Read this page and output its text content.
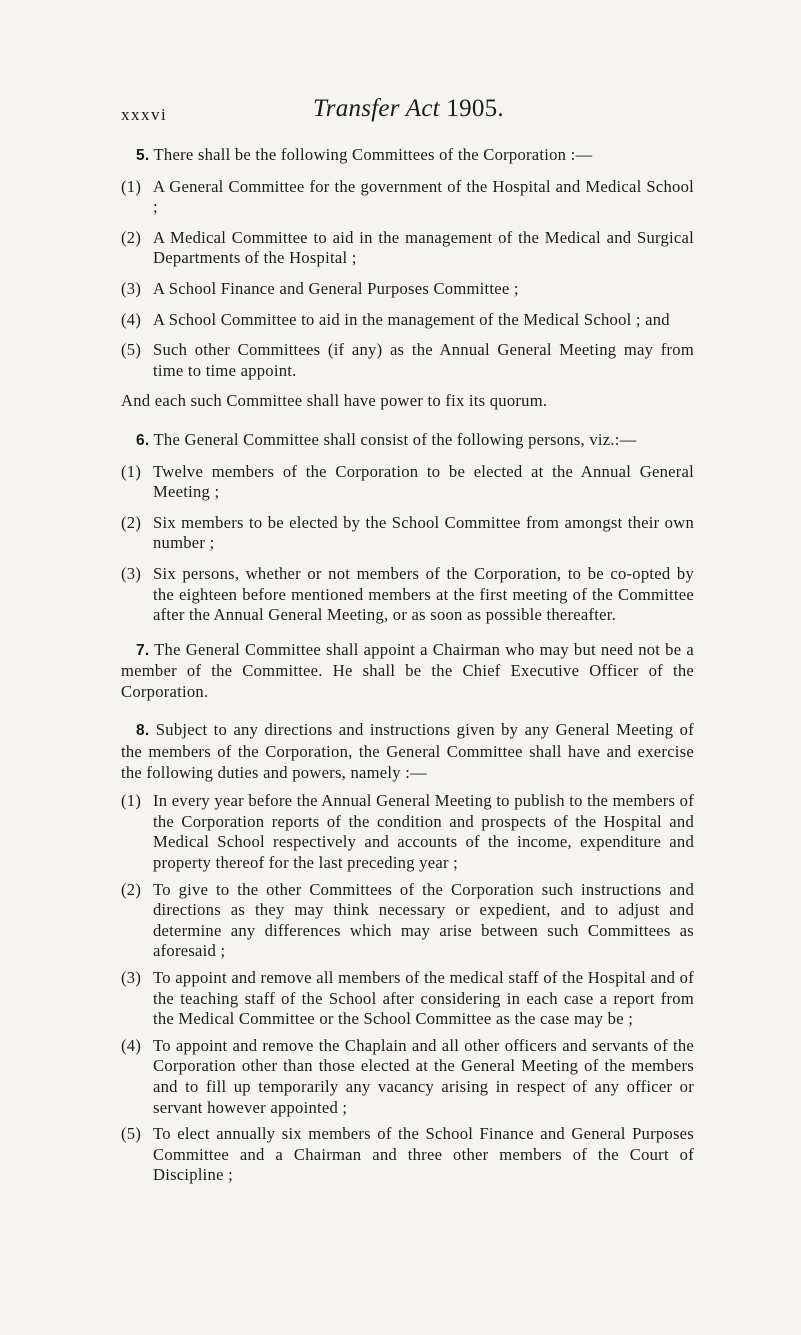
xxxvi	Transfer Act 1905.

5. There shall be the following Committees of the Corporation :—

(1) A General Committee for the government of the Hospital and Medical School ;

(2) A Medical Committee to aid in the management of the Medical and Surgical Departments of the Hospital ;

(3) A School Finance and General Purposes Committee ;

(4) A School Committee to aid in the management of the Medical School ; and

(5) Such other Committees (if any) as the Annual General Meeting may from time to time appoint.

And each such Committee shall have power to fix its quorum.

6. The General Committee shall consist of the following persons, viz.:—

(1) Twelve members of the Corporation to be elected at the Annual General Meeting ;

(2) Six members to be elected by the School Committee from amongst their own number ;

(3) Six persons, whether or not members of the Corporation, to be co-opted by the eighteen before mentioned members at the first meeting of the Committee after the Annual General Meeting, or as soon as possible thereafter.

7. The General Committee shall appoint a Chairman who may but need not be a member of the Committee. He shall be the Chief Executive Officer of the Corporation.

8. Subject to any directions and instructions given by any General Meeting of the members of the Corporation, the General Committee shall have and exercise the following duties and powers, namely :—

(1) In every year before the Annual General Meeting to publish to the members of the Corporation reports of the condition and prospects of the Hospital and Medical School respectively and accounts of the income, expenditure and property thereof for the last preceding year ;

(2) To give to the other Committees of the Corporation such instructions and directions as they may think necessary or expedient, and to adjust and determine any differences which may arise between such Committees as aforesaid ;

(3) To appoint and remove all members of the medical staff of the Hospital and of the teaching staff of the School after considering in each case a report from the Medical Committee or the School Committee as the case may be ;

(4) To appoint and remove the Chaplain and all other officers and servants of the Corporation other than those elected at the General Meeting of the members and to fill up temporarily any vacancy arising in respect of any officer or servant however appointed ;

(5) To elect annually six members of the School Finance and General Purposes Committee and a Chairman and three other members of the Court of Discipline ;
